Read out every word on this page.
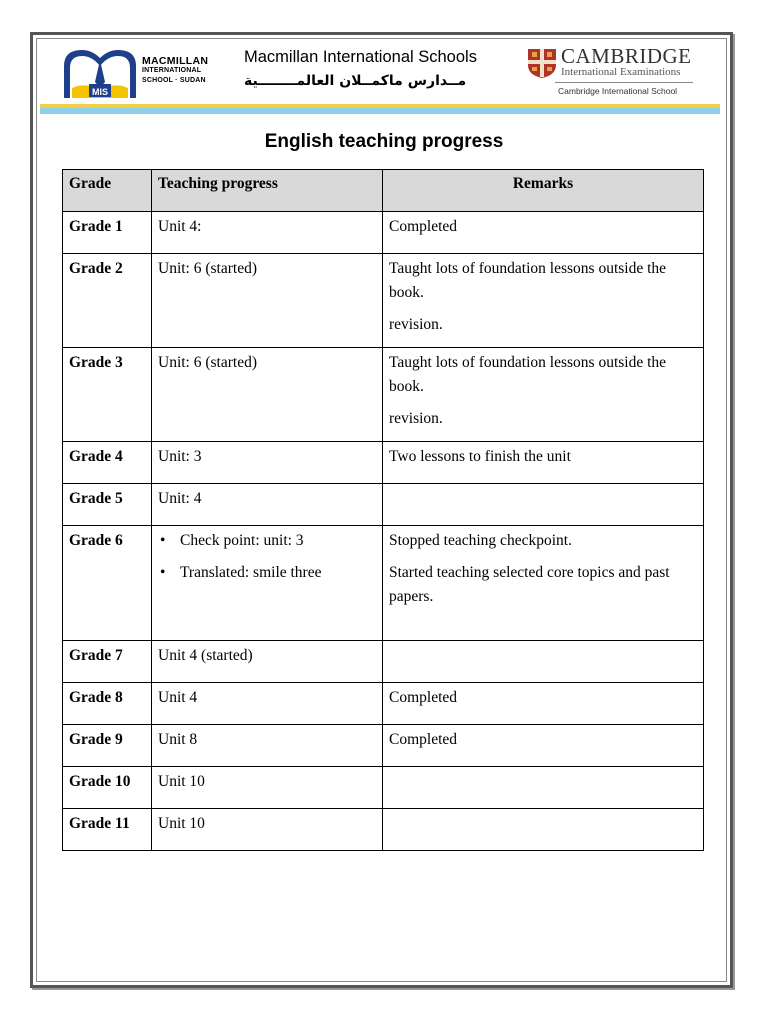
MIS
MACMILLAN
INTERNATIONAL
SCHOOL · SUDAN
Macmillan International Schools
مــدارس ماكمــلان العالمــــــــية
CAMBRIDGE
International Examinations
Cambridge International School
English teaching progress
Grade	Teaching progress	Remarks
Grade 1	Unit 4:	Completed

Grade 2	Unit: 6 (started)	Taught lots of foundation lessons outside the book.
revision.

Grade 3	Unit: 6 (started)	Taught lots of foundation lessons outside the book.
revision.

Grade 4	Unit: 3	Two lessons to finish the unit

Grade 5	Unit: 4	

Grade 6	• Check point: unit: 3
• Translated: smile three	Stopped teaching checkpoint.
Started teaching selected core topics and past papers.

Grade 7	Unit 4 (started)	

Grade 8	Unit 4	Completed

Grade 9	Unit 8	Completed

Grade 10	Unit 10	

Grade 11	Unit 10	
